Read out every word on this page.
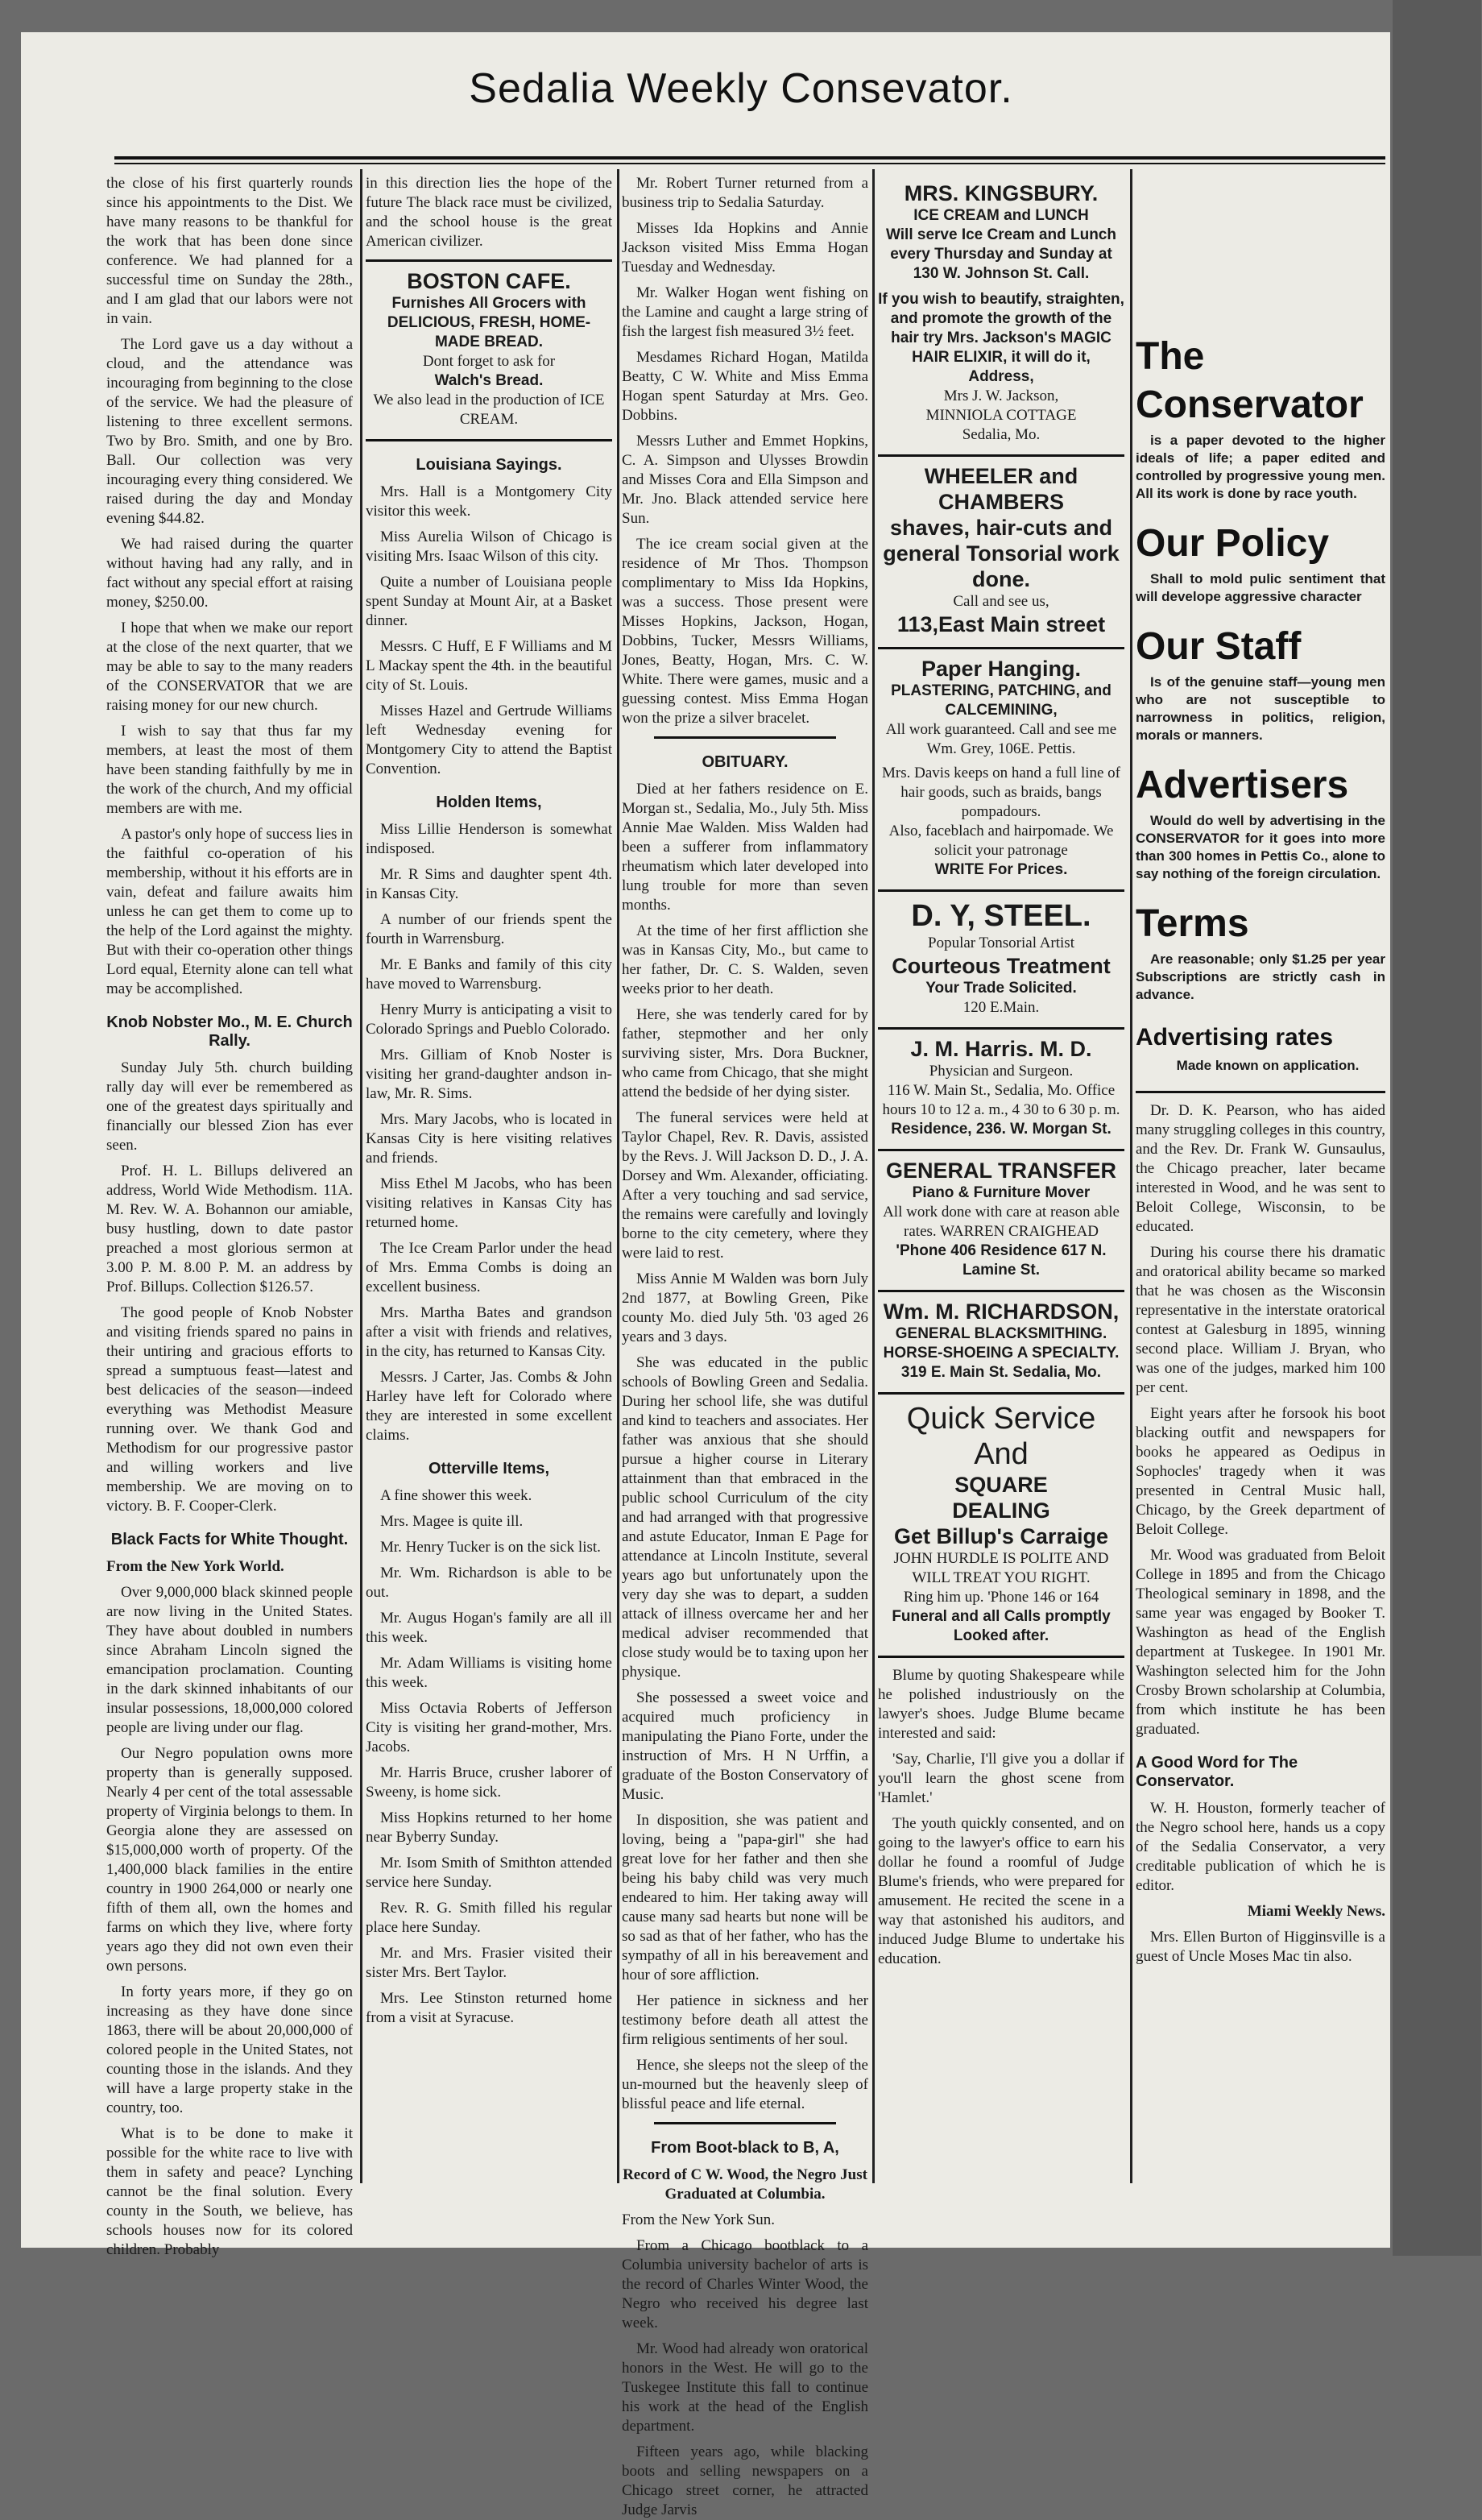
Sedalia Weekly Consevator.

the close of his first quarterly rounds since his appointments to the Dist. We have many reasons to be thankful for the work that has been done since conference. We had planned for a successful time on Sunday the 28th., and I am glad that our labors were not in vain.

The Lord gave us a day without a cloud, and the attendance was incouraging from beginning to the close of the service. We had the pleasure of listening to three excellent sermons. Two by Bro. Smith, and one by Bro. Ball. Our collection was very incouraging every thing considered. We raised during the day and Monday evening $44.82.

We had raised during the quarter without having had any rally, and in fact without any special effort at raising money, $250.00.

I hope that when we make our report at the close of the next quarter, that we may be able to say to the many readers of the CONSERVATOR that we are raising money for our new church.

I wish to say that thus far my members, at least the most of them have been standing faithfully by me in the work of the church, And my official members are with me.

A pastor's only hope of success lies in the faithful co-operation of his membership, without it his efforts are in vain, defeat and failure awaits him unless he can get them to come up to the help of the Lord against the mighty. But with their co-operation other things Lord equal, Eternity alone can tell what may be accomplished.

Knob Nobster Mo., M. E. Church Rally.

Sunday July 5th. church building rally day will ever be remembered as one of the greatest days spiritually and financially our blessed Zion has ever seen.

Prof. H. L. Billups delivered an address, World Wide Methodism. 11A. M. Rev. W. A. Bohannon our amiable, busy hustling, down to date pastor preached a most glorious sermon at 3.00 P. M. 8.00 P. M. an address by Prof. Billups. Collection $126.57.

The good people of Knob Nobster and visiting friends spared no pains in their untiring and gracious efforts to spread a sumptuous feast—latest and best delicacies of the season—indeed everything was Methodist Measure running over. We thank God and Methodism for our progressive pastor and willing workers and live membership. We are moving on to victory. B. F. Cooper-Clerk.

Black Facts for White Thought.

From the New York World.

Over 9,000,000 black skinned people are now living in the United States. They have about doubled in numbers since Abraham Lincoln signed the emancipation proclamation. Counting in the dark skinned inhabitants of our insular possessions, 18,000,000 colored people are living under our flag.

Our Negro population owns more property than is generally supposed. Nearly 4 per cent of the total assessable property of Virginia belongs to them. In Georgia alone they are assessed on $15,000,000 worth of property. Of the 1,400,000 black families in the entire country in 1900 264,000 or nearly one fifth of them all, own the homes and farms on which they live, where forty years ago they did not own even their own persons.

In forty years more, if they go on increasing as they have done since 1863, there will be about 20,000,000 of colored people in the United States, not counting those in the islands. And they will have a large property stake in the country, too.

What is to be done to make it possible for the white race to live with them in safety and peace? Lynching cannot be the final solution. Every county in the South, we believe, has schools houses now for its colored children. Probably

in this direction lies the hope of the future The black race must be civilized, and the school house is the great American civilizer.

BOSTON CAFE.
Furnishes All Grocers with
DELICIOUS, FRESH, HOME-MADE BREAD.
Dont forget to ask for
Walch's Bread.
We also lead in the production of ICE CREAM.
Louisiana Sayings.

Mrs. Hall is a Montgomery City visitor this week.

Miss Aurelia Wilson of Chicago is visiting Mrs. Isaac Wilson of this city.

Quite a number of Louisiana people spent Sunday at Mount Air, at a Basket dinner.

Messrs. C Huff, E F Williams and M L Mackay spent the 4th. in the beautiful city of St. Louis.

Misses Hazel and Gertrude Williams left Wednesday evening for Montgomery City to attend the Baptist Convention.

Holden Items,

Miss Lillie Henderson is somewhat indisposed.

Mr. R Sims and daughter spent 4th. in Kansas City.

A number of our friends spent the fourth in Warrensburg.

Mr. E Banks and family of this city have moved to Warrensburg.

Henry Murry is anticipating a visit to Colorado Springs and Pueblo Colorado.

Mrs. Gilliam of Knob Noster is visiting her grand-daughter andson in-law, Mr. R. Sims.

Mrs. Mary Jacobs, who is located in Kansas City is here visiting relatives and friends.

Miss Ethel M Jacobs, who has been visiting relatives in Kansas City has returned home.

The Ice Cream Parlor under the head of Mrs. Emma Combs is doing an excellent business.

Mrs. Martha Bates and grandson after a visit with friends and relatives, in the city, has returned to Kansas City.

Messrs. J Carter, Jas. Combs & John Harley have left for Colorado where they are interested in some excellent claims.

Otterville Items,

A fine shower this week.

Mrs. Magee is quite ill.

Mr. Henry Tucker is on the sick list.

Mr. Wm. Richardson is able to be out.

Mr. Augus Hogan's family are all ill this week.

Mr. Adam Williams is visiting home this week.

Miss Octavia Roberts of Jefferson City is visiting her grand-mother, Mrs. Jacobs.

Mr. Harris Bruce, crusher laborer of Sweeny, is home sick.

Miss Hopkins returned to her home near Byberry Sunday.

Mr. Isom Smith of Smithton attended service here Sunday.

Rev. R. G. Smith filled his regular place here Sunday.

Mr. and Mrs. Frasier visited their sister Mrs. Bert Taylor.

Mrs. Lee Stinston returned home from a visit at Syracuse.

Mr. Robert Turner returned from a business trip to Sedalia Saturday.

Misses Ida Hopkins and Annie Jackson visited Miss Emma Hogan Tuesday and Wednesday.

Mr. Walker Hogan went fishing on the Lamine and caught a large string of fish the largest fish measured 3½ feet.

Mesdames Richard Hogan, Matilda Beatty, C W. White and Miss Emma Hogan spent Saturday at Mrs. Geo. Dobbins.

Messrs Luther and Emmet Hopkins, C. A. Simpson and Ulysses Browdin and Misses Cora and Ella Simpson and Mr. Jno. Black attended service here Sun.

The ice cream social given at the residence of Mr Thos. Thompson complimentary to Miss Ida Hopkins, was a success. Those present were Misses Hopkins, Jackson, Hogan, Dobbins, Tucker, Messrs Williams, Jones, Beatty, Hogan, Mrs. C. W. White. There were games, music and a guessing contest. Miss Emma Hogan won the prize a silver bracelet.

OBITUARY.

Died at her fathers residence on E. Morgan st., Sedalia, Mo., July 5th. Miss Annie Mae Walden. Miss Walden had been a sufferer from inflammatory rheumatism which later developed into lung trouble for more than seven months.

At the time of her first affliction she was in Kansas City, Mo., but came to her father, Dr. C. S. Walden, seven weeks prior to her death.

Here, she was tenderly cared for by father, stepmother and her only surviving sister, Mrs. Dora Buckner, who came from Chicago, that she might attend the bedside of her dying sister.

The funeral services were held at Taylor Chapel, Rev. R. Davis, assisted by the Revs. J. Will Jackson D. D., J. A. Dorsey and Wm. Alexander, officiating. After a very touching and sad service, the remains were carefully and lovingly borne to the city cemetery, where they were laid to rest.

Miss Annie M Walden was born July 2nd 1877, at Bowling Green, Pike county Mo. died July 5th. '03 aged 26 years and 3 days.

She was educated in the public schools of Bowling Green and Sedalia. During her school life, she was dutiful and kind to teachers and associates. Her father was anxious that she should pursue a higher course in Literary attainment than that embraced in the public school Curriculum of the city and had arranged with that progressive and astute Educator, Inman E Page for attendance at Lincoln Institute, several years ago but unfortunately upon the very day she was to depart, a sudden attack of illness overcame her and her medical adviser recommended that close study would be to taxing upon her physique.

She possessed a sweet voice and acquired much proficiency in manipulating the Piano Forte, under the instruction of Mrs. H N Urffin, a graduate of the Boston Conservatory of Music.

In disposition, she was patient and loving, being a "papa-girl" she had great love for her father and then she being his baby child was very much endeared to him. Her taking away will cause many sad hearts but none will be so sad as that of her father, who has the sympathy of all in his bereavement and hour of sore affliction.

Her patience in sickness and her testimony before death all attest the firm religious sentiments of her soul.

Hence, she sleeps not the sleep of the un-mourned but the heavenly sleep of blissful peace and life eternal.

From Boot-black to B, A,

Record of C W. Wood, the Negro Just Graduated at Columbia.

From the New York Sun.

From a Chicago bootblack to a Columbia university bachelor of arts is the record of Charles Winter Wood, the Negro who received his degree last week.

Mr. Wood had already won oratorical honors in the West. He will go to the Tuskegee Institute this fall to continue his work at the head of the English department.

Fifteen years ago, while blacking boots and selling newspapers on a Chicago street corner, he attracted Judge Jarvis

MRS. KINGSBURY.
ICE CREAM and LUNCH
Will serve Ice Cream and Lunch every Thursday and Sunday at 130 W. Johnson St. Call.
If you wish to beautify, straighten, and promote the growth of the hair try Mrs. Jackson's MAGIC HAIR ELIXIR, it will do it, Address,
Mrs J. W. Jackson,
MINNIOLA COTTAGE
Sedalia, Mo.
WHEELER and
CHAMBERS
shaves, hair-cuts and general Tonsorial work done.
Call and see us,
113,East Main street
Paper Hanging.
PLASTERING, PATCHING, and CALCEMINING,
All work guaranteed. Call and see me Wm. Grey, 106E. Pettis.
Mrs. Davis keeps on hand a full line of hair goods, such as braids, bangs pompadours.
Also, faceblach and hairpomade. We solicit your patronage
WRITE For Prices.
D. Y, STEEL.
Popular Tonsorial Artist
Courteous Treatment
Your Trade Solicited.
120 E.Main.
J. M. Harris. M. D.
Physician and Surgeon.
116 W. Main St., Sedalia, Mo. Office hours 10 to 12 a. m., 4 30 to 6 30 p. m.
Residence, 236. W. Morgan St.
GENERAL TRANSFER
Piano & Furniture Mover
All work done with care at reason able rates. WARREN CRAIGHEAD
'Phone 406 Residence 617 N. Lamine St.
Wm. M. RICHARDSON,
GENERAL BLACKSMITHING.
HORSE-SHOEING A SPECIALTY.
319 E. Main St. Sedalia, Mo.
Quick Service
And
SQUARE
DEALING
Get Billup's Carraige
JOHN HURDLE IS POLITE AND WILL TREAT YOU RIGHT.
Ring him up. 'Phone 146 or 164
Funeral and all Calls promptly Looked after.

Blume by quoting Shakespeare while he polished industriously on the lawyer's shoes. Judge Blume became interested and said:

'Say, Charlie, I'll give you a dollar if you'll learn the ghost scene from 'Hamlet.'

The youth quickly consented, and on going to the lawyer's office to earn his dollar he found a roomful of Judge Blume's friends, who were prepared for amusement. He recited the scene in a way that astonished his auditors, and induced Judge Blume to undertake his education.

The
Conservator

is a paper devoted to the higher ideals of life; a paper edited and controlled by progressive young men. All its work is done by race youth.

Our Policy

Shall to mold pulic sentiment that will develope aggressive character

Our Staff

Is of the genuine staff—young men who are not susceptible to narrowness in politics, religion, morals or manners.

Advertisers

Would do well by advertising in the CONSERVATOR for it goes into more than 300 homes in Pettis Co., alone to say nothing of the foreign circulation.

Terms

Are reasonable; only $1.25 per year Subscriptions are strictly cash in advance.

Advertising rates

Made known on application.

Dr. D. K. Pearson, who has aided many struggling colleges in this country, and the Rev. Dr. Frank W. Gunsaulus, the Chicago preacher, later became interested in Wood, and he was sent to Beloit College, Wisconsin, to be educated.

During his course there his dramatic and oratorical ability became so marked that he was chosen as the Wisconsin representative in the interstate oratorical contest at Galesburg in 1895, winning second place. William J. Bryan, who was one of the judges, marked him 100 per cent.

Eight years after he forsook his boot blacking outfit and newspapers for books he appeared as Oedipus in Sophocles' tragedy when it was presented in Central Music hall, Chicago, by the Greek department of Beloit College.

Mr. Wood was graduated from Beloit College in 1895 and from the Chicago Theological seminary in 1898, and the same year was engaged by Booker T. Washington as head of the English department at Tuskegee. In 1901 Mr. Washington selected him for the John Crosby Brown scholarship at Columbia, from which institute he has been graduated.

A Good Word for The Conservator.

W. H. Houston, formerly teacher of the Negro school here, hands us a copy of the Sedalia Conservator, a very creditable publication of which he is editor.

Miami Weekly News.

Mrs. Ellen Burton of Higginsville is a guest of Uncle Moses Mac tin also.
